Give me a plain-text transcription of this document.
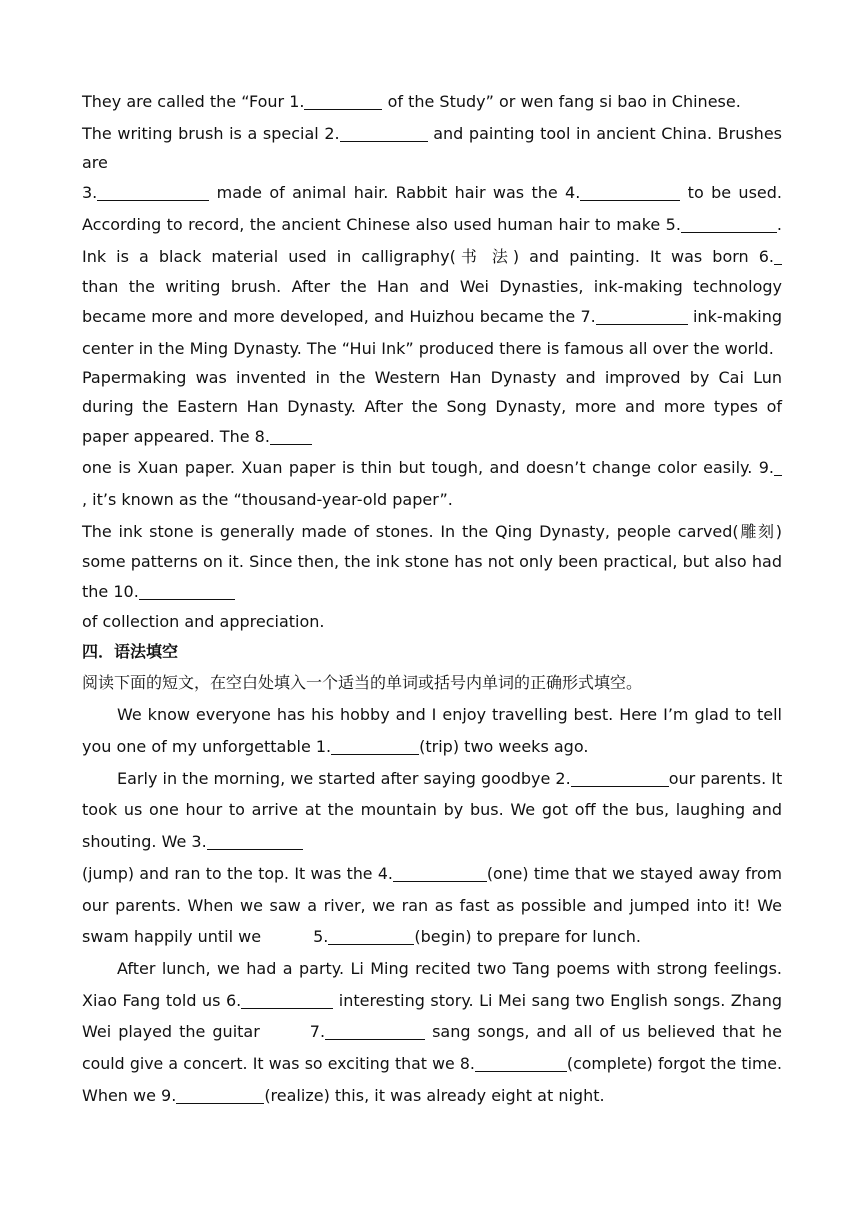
They are called the “Four 1.	of the Study” or wen fang si bao in Chinese.
The writing brush is a special 2.	and painting tool in ancient China. Brushes
are
3.	made of animal hair. Rabbit hair was the 4.	to be used.
According to record, the ancient Chinese also used human hair to make 5.	.
Ink is a black material used in calligraphy(书 法) and painting. It was born 6.
than the writing brush. After the Han and Wei Dynasties, ink-making technology
became more and more developed, and Huizhou became the 7.	ink-making
center in the Ming Dynasty. The “Hui Ink” produced there is famous all over the world.
Papermaking was invented in the Western Han Dynasty and improved by Cai Lun
during the Eastern Han Dynasty. After the Song Dynasty, more and more types of
paper appeared. The 8.
one is Xuan paper. Xuan paper is thin but tough, and doesn’t change color easily. 9.
, it’s known as the “thousand-year-old paper”.
The ink stone is generally made of stones. In the Qing Dynasty, people carved(雕刻)
some patterns on it. Since then, the ink stone has not only been practical, but also had
the 10.
of collection and appreciation.
四．语法填空
阅读下面的短文，在空白处填入一个适当的单词或括号内单词的正确形式填空。
We know everyone has his hobby and I enjoy travelling best. Here I’m glad to tell
you one of my unforgettable 1.	(trip) two weeks ago.
Early in the morning, we started after saying goodbye 2.	our parents. It
took us one hour to arrive at the mountain by bus. We got off the bus, laughing and
shouting. We 3.
(jump) and ran to the top. It was the 4.	(one) time that we stayed away from
our parents. When we saw a river, we ran as fast as possible and jumped into it! We
swam happily until we	5.	(begin) to prepare for lunch.
After lunch, we had a party. Li Ming recited two Tang poems with strong feelings.
Xiao Fang told us 6.	interesting story. Li Mei sang two English songs. Zhang
Wei played the guitar	7.	sang songs, and all of us believed that he
could give a concert. It was so exciting that we 8.	(complete) forgot the time.
When we 9.	(realize) this, it was already eight at night.
